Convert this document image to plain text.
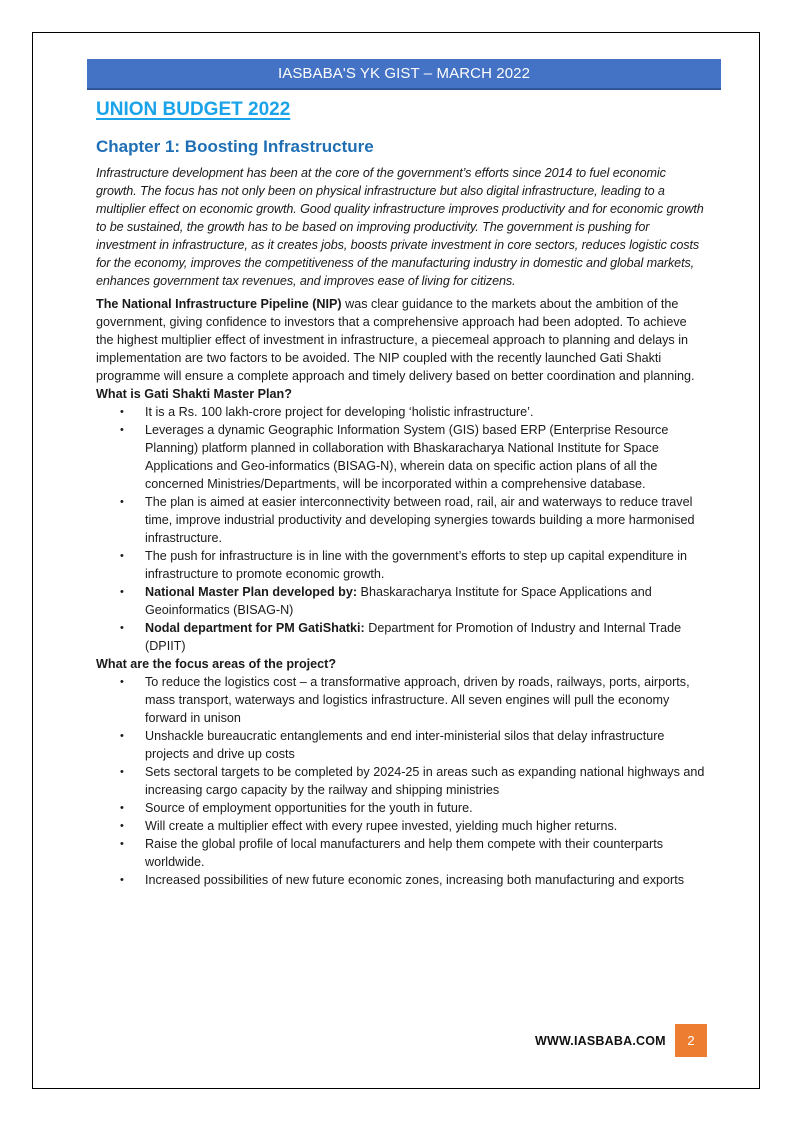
IASBABA'S YK GIST – MARCH 2022
UNION BUDGET 2022
Chapter 1: Boosting Infrastructure

Infrastructure development has been at the core of the government’s efforts since 2014 to fuel economic growth. The focus has not only been on physical infrastructure but also digital infrastructure, leading to a multiplier effect on economic growth. Good quality infrastructure improves productivity and for economic growth to be sustained, the growth has to be based on improving productivity. The government is pushing for investment in infrastructure, as it creates jobs, boosts private investment in core sectors, reduces logistic costs for the economy, improves the competitiveness of the manufacturing industry in domestic and global markets, enhances government tax revenues, and improves ease of living for citizens.

The National Infrastructure Pipeline (NIP) was clear guidance to the markets about the ambition of the government, giving confidence to investors that a comprehensive approach had been adopted. To achieve the highest multiplier effect of investment in infrastructure, a piecemeal approach to planning and delays in implementation are two factors to be avoided. The NIP coupled with the recently launched Gati Shakti programme will ensure a complete approach and timely delivery based on better coordination and planning.

What is Gati Shakti Master Plan?

• It is a Rs. 100 lakh-crore project for developing ‘holistic infrastructure’.
• Leverages a dynamic Geographic Information System (GIS) based ERP (Enterprise Resource Planning) platform planned in collaboration with Bhaskaracharya National Institute for Space Applications and Geo-informatics (BISAG-N), wherein data on specific action plans of all the concerned Ministries/Departments, will be incorporated within a comprehensive database.
• The plan is aimed at easier interconnectivity between road, rail, air and waterways to reduce travel time, improve industrial productivity and developing synergies towards building a more harmonised infrastructure.
• The push for infrastructure is in line with the government’s efforts to step up capital expenditure in infrastructure to promote economic growth.
• National Master Plan developed by: Bhaskaracharya Institute for Space Applications and Geoinformatics (BISAG-N)
• Nodal department for PM GatiShatki: Department for Promotion of Industry and Internal Trade (DPIIT)

What are the focus areas of the project?

• To reduce the logistics cost – a transformative approach, driven by roads, railways, ports, airports, mass transport, waterways and logistics infrastructure. All seven engines will pull the economy forward in unison
• Unshackle bureaucratic entanglements and end inter-ministerial silos that delay infrastructure projects and drive up costs
• Sets sectoral targets to be completed by 2024-25 in areas such as expanding national highways and increasing cargo capacity by the railway and shipping ministries
• Source of employment opportunities for the youth in future.
• Will create a multiplier effect with every rupee invested, yielding much higher returns.
• Raise the global profile of local manufacturers and help them compete with their counterparts worldwide.
• Increased possibilities of new future economic zones, increasing both manufacturing and exports
WWW.IASBABA.COM	2
